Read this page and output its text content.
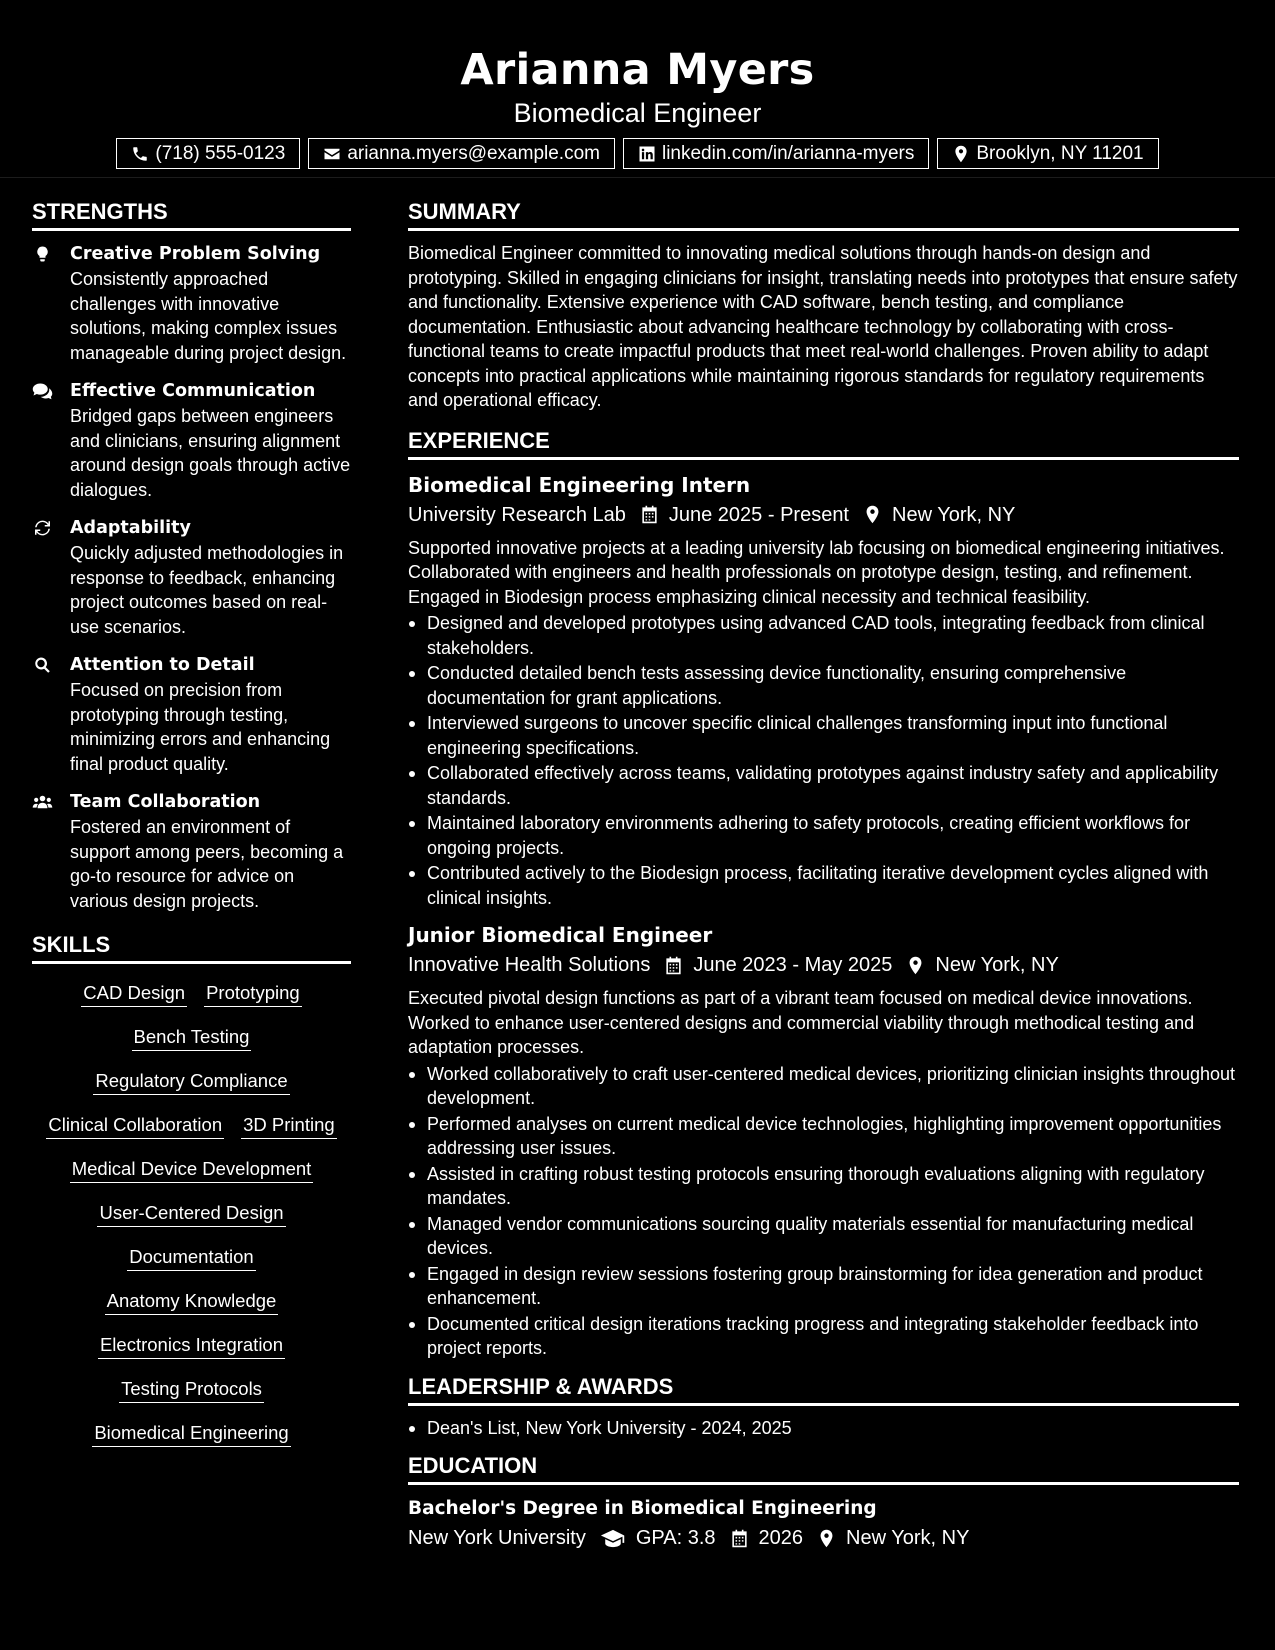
Arianna Myers
Biomedical Engineer
(718) 555-0123	arianna.myers@example.com	linkedin.com/in/arianna-myers	Brooklyn, NY 11201
STRENGTHS
Creative Problem Solving
Consistently approached challenges with innovative solutions, making complex issues manageable during project design.
Effective Communication
Bridged gaps between engineers and clinicians, ensuring alignment around design goals through active dialogues.
Adaptability
Quickly adjusted methodologies in response to feedback, enhancing project outcomes based on real-use scenarios.
Attention to Detail
Focused on precision from prototyping through testing, minimizing errors and enhancing final product quality.
Team Collaboration
Fostered an environment of support among peers, becoming a go-to resource for advice on various design projects.
SKILLS
CAD Design Prototyping
Bench Testing
Regulatory Compliance
Clinical Collaboration 3D Printing
Medical Device Development
User-Centered Design
Documentation
Anatomy Knowledge
Electronics Integration
Testing Protocols
Biomedical Engineering
SUMMARY
Biomedical Engineer committed to innovating medical solutions through hands-on design and prototyping. Skilled in engaging clinicians for insight, translating needs into prototypes that ensure safety and functionality. Extensive experience with CAD software, bench testing, and compliance documentation. Enthusiastic about advancing healthcare technology by collaborating with cross-functional teams to create impactful products that meet real-world challenges. Proven ability to adapt concepts into practical applications while maintaining rigorous standards for regulatory requirements and operational efficacy.
EXPERIENCE
Biomedical Engineering Intern
University Research Lab June 2025 - Present New York, NY
Supported innovative projects at a leading university lab focusing on biomedical engineering initiatives. Collaborated with engineers and health professionals on prototype design, testing, and refinement. Engaged in Biodesign process emphasizing clinical necessity and technical feasibility.
Designed and developed prototypes using advanced CAD tools, integrating feedback from clinical stakeholders.
Conducted detailed bench tests assessing device functionality, ensuring comprehensive documentation for grant applications.
Interviewed surgeons to uncover specific clinical challenges transforming input into functional engineering specifications.
Collaborated effectively across teams, validating prototypes against industry safety and applicability standards.
Maintained laboratory environments adhering to safety protocols, creating efficient workflows for ongoing projects.
Contributed actively to the Biodesign process, facilitating iterative development cycles aligned with clinical insights.
Junior Biomedical Engineer
Innovative Health Solutions June 2023 - May 2025 New York, NY
Executed pivotal design functions as part of a vibrant team focused on medical device innovations. Worked to enhance user-centered designs and commercial viability through methodical testing and adaptation processes.
Worked collaboratively to craft user-centered medical devices, prioritizing clinician insights throughout development.
Performed analyses on current medical device technologies, highlighting improvement opportunities addressing user issues.
Assisted in crafting robust testing protocols ensuring thorough evaluations aligning with regulatory mandates.
Managed vendor communications sourcing quality materials essential for manufacturing medical devices.
Engaged in design review sessions fostering group brainstorming for idea generation and product enhancement.
Documented critical design iterations tracking progress and integrating stakeholder feedback into project reports.
LEADERSHIP & AWARDS
Dean's List, New York University - 2024, 2025
EDUCATION
Bachelor's Degree in Biomedical Engineering
New York University	GPA: 3.8 2026 New York, NY
